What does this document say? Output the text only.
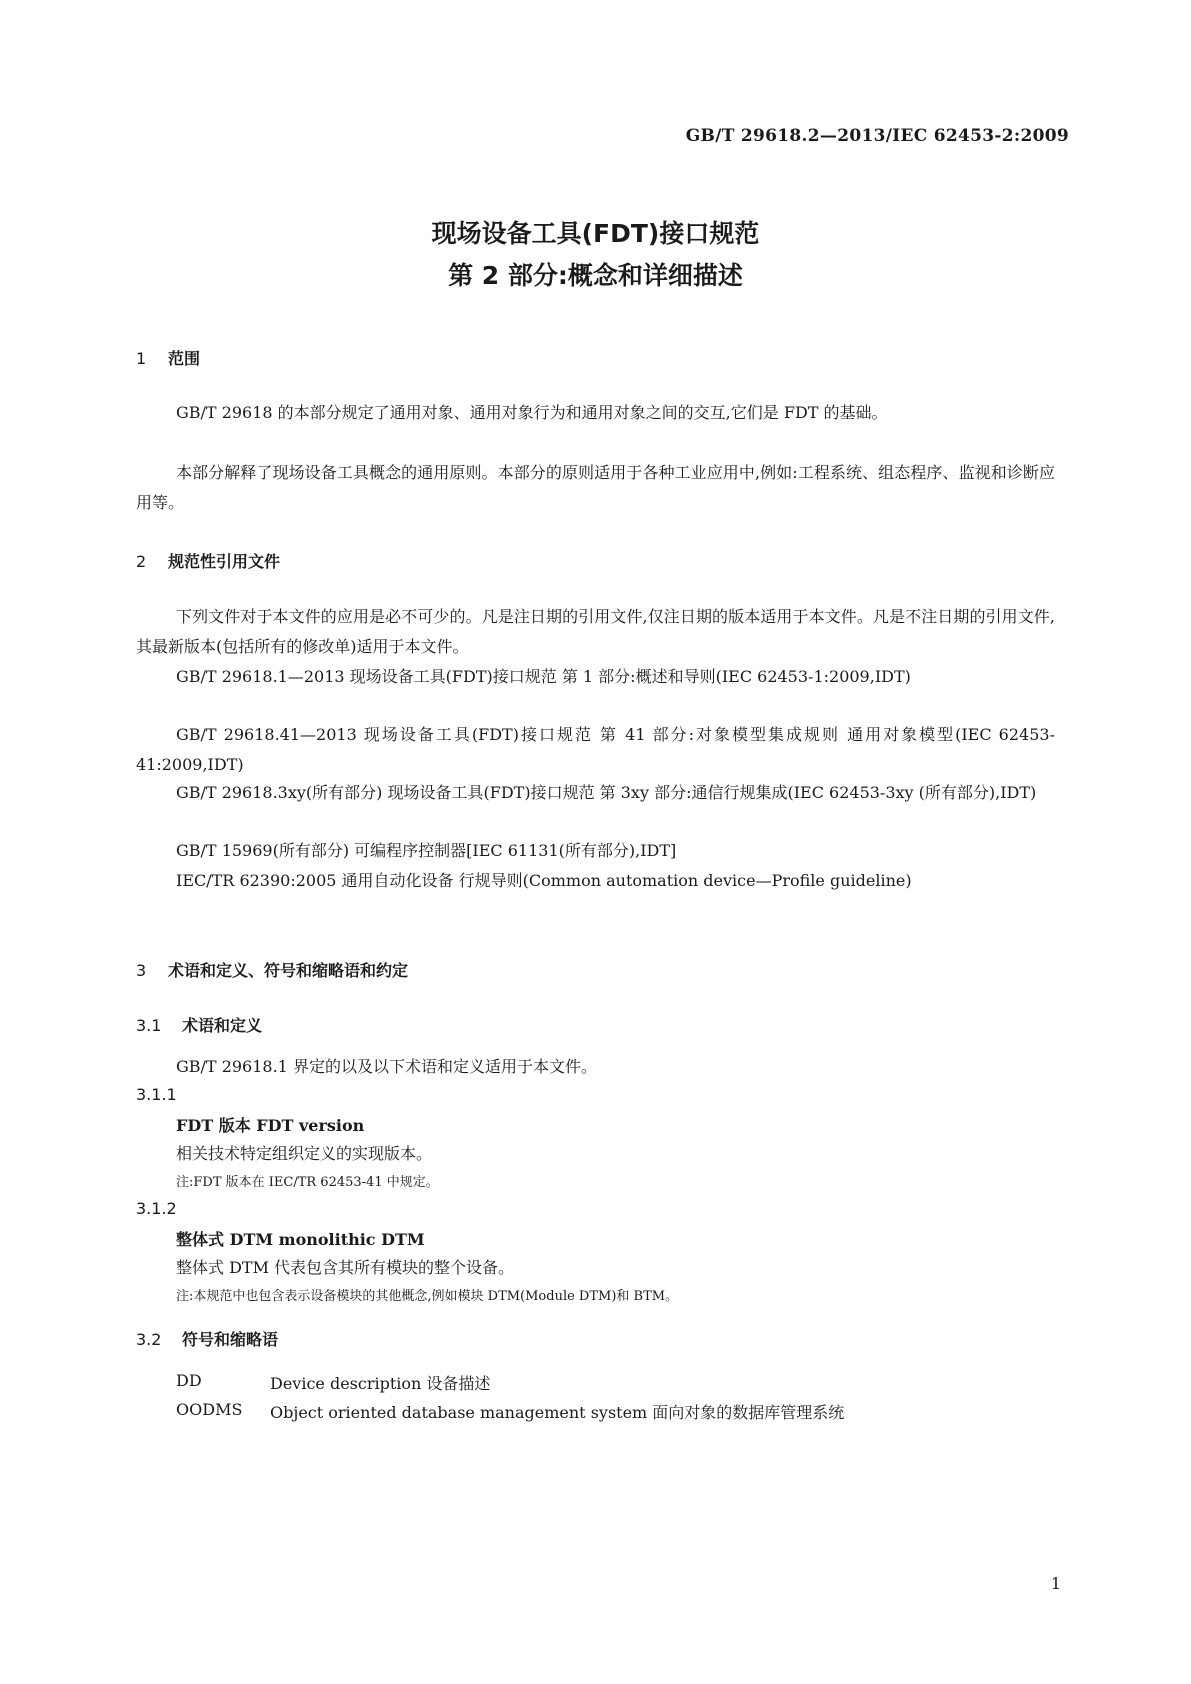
GB/T 29618.2—2013/IEC 62453-2:2009
现场设备工具(FDT)接口规范
第 2 部分:概念和详细描述
1 范围
GB/T 29618 的本部分规定了通用对象、通用对象行为和通用对象之间的交互,它们是 FDT 的基础。
本部分解释了现场设备工具概念的通用原则。本部分的原则适用于各种工业应用中,例如:工程系统、组态程序、监视和诊断应用等。
2 规范性引用文件
下列文件对于本文件的应用是必不可少的。凡是注日期的引用文件,仅注日期的版本适用于本文件。凡是不注日期的引用文件,其最新版本(包括所有的修改单)适用于本文件。
GB/T 29618.1—2013 现场设备工具(FDT)接口规范 第 1 部分:概述和导则(IEC 62453-1:2009,IDT)
GB/T 29618.41—2013 现场设备工具(FDT)接口规范 第 41 部分:对象模型集成规则 通用对象模型(IEC 62453-41:2009,IDT)
GB/T 29618.3xy(所有部分) 现场设备工具(FDT)接口规范 第 3xy 部分:通信行规集成(IEC 62453-3xy (所有部分),IDT)
GB/T 15969(所有部分) 可编程序控制器[IEC 61131(所有部分),IDT]
IEC/TR 62390:2005 通用自动化设备 行规导则(Common automation device—Profile guideline)
3 术语和定义、符号和缩略语和约定
3.1 术语和定义
GB/T 29618.1 界定的以及以下术语和定义适用于本文件。
3.1.1
FDT 版本 FDT version
相关技术特定组织定义的实现版本。
注:FDT 版本在 IEC/TR 62453-41 中规定。
3.1.2
整体式 DTM monolithic DTM
整体式 DTM 代表包含其所有模块的整个设备。
注:本规范中也包含表示设备模块的其他概念,例如模块 DTM(Module DTM)和 BTM。
3.2 符号和缩略语
DD	Device description 设备描述
OODMS Object oriented database management system 面向对象的数据库管理系统
1
